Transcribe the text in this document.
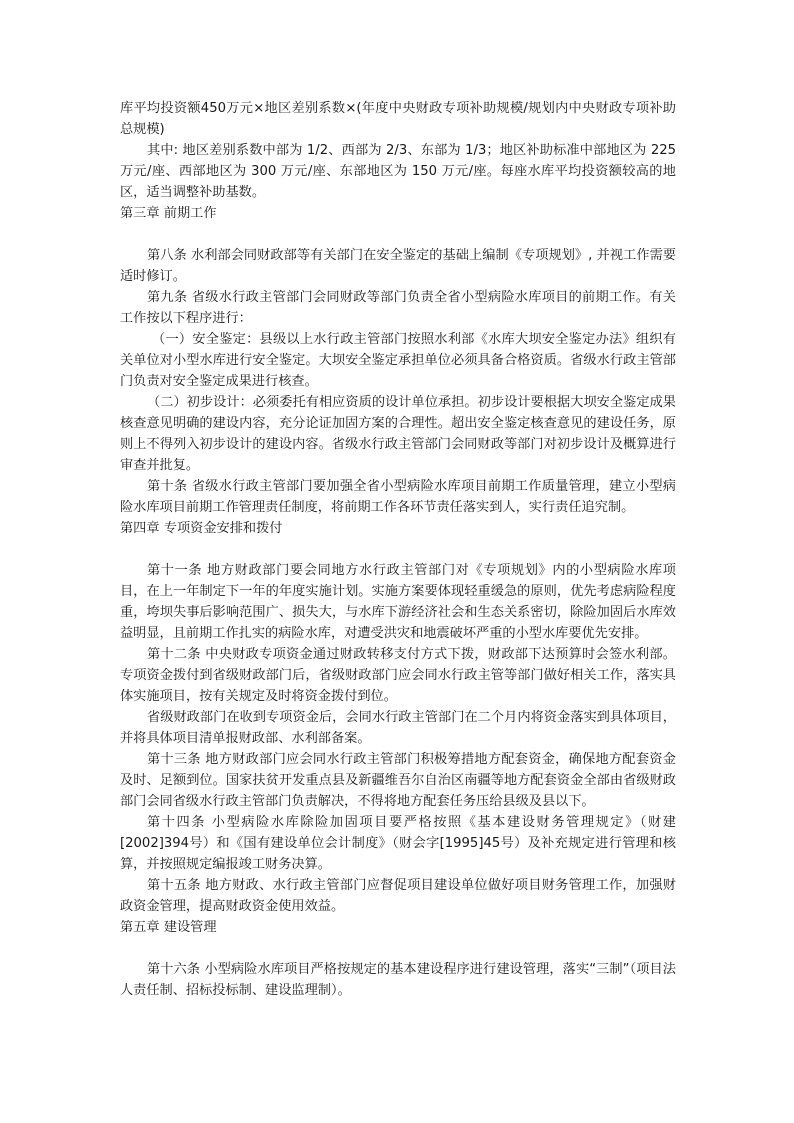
库平均投资额450万元×地区差别系数×(年度中央财政专项补助规模/规划内中央财政专项补助总规模)

其中: 地区差别系数中部为 1/2、西部为 2/3、东部为 1/3；地区补助标准中部地区为 225 万元/座、西部地区为 300 万元/座、东部地区为 150 万元/座。每座水库平均投资额较高的地区，适当调整补助基数。

第三章 前期工作

第八条 水利部会同财政部等有关部门在安全鉴定的基础上编制《专项规划》, 并视工作需要适时修订。

第九条 省级水行政主管部门会同财政等部门负责全省小型病险水库项目的前期工作。有关工作按以下程序进行：

（一）安全鉴定：县级以上水行政主管部门按照水利部《水库大坝安全鉴定办法》组织有关单位对小型水库进行安全鉴定。大坝安全鉴定承担单位必须具备合格资质。省级水行政主管部门负责对安全鉴定成果进行核查。

（二）初步设计：必须委托有相应资质的设计单位承担。初步设计要根据大坝安全鉴定成果核查意见明确的建设内容，充分论证加固方案的合理性。超出安全鉴定核查意见的建设任务，原则上不得列入初步设计的建设内容。省级水行政主管部门会同财政等部门对初步设计及概算进行审查并批复。

第十条 省级水行政主管部门要加强全省小型病险水库项目前期工作质量管理，建立小型病险水库项目前期工作管理责任制度，将前期工作各环节责任落实到人，实行责任追究制。

第四章 专项资金安排和拨付

第十一条 地方财政部门要会同地方水行政主管部门对《专项规划》内的小型病险水库项目，在上一年制定下一年的年度实施计划。实施方案要体现轻重缓急的原则，优先考虑病险程度重，垮坝失事后影响范围广、损失大，与水库下游经济社会和生态关系密切，除险加固后水库效益明显，且前期工作扎实的病险水库，对遭受洪灾和地震破坏严重的小型水库要优先安排。

第十二条 中央财政专项资金通过财政转移支付方式下拨，财政部下达预算时会签水利部。专项资金拨付到省级财政部门后，省级财政部门应会同水行政主管等部门做好相关工作，落实具体实施项目，按有关规定及时将资金拨付到位。

省级财政部门在收到专项资金后，会同水行政主管部门在二个月内将资金落实到具体项目，并将具体项目清单报财政部、水利部备案。

第十三条 地方财政部门应会同水行政主管部门积极筹措地方配套资金，确保地方配套资金及时、足额到位。国家扶贫开发重点县及新疆维吾尔自治区南疆等地方配套资金全部由省级财政部门会同省级水行政主管部门负责解决，不得将地方配套任务压给县级及县以下。

第十四条 小型病险水库除险加固项目要严格按照《基本建设财务管理规定》（财建[2002]394号）和《国有建设单位会计制度》（财会字[1995]45号）及补充规定进行管理和核算，并按照规定编报竣工财务决算。

第十五条 地方财政、水行政主管部门应督促项目建设单位做好项目财务管理工作，加强财政资金管理，提高财政资金使用效益。

第五章 建设管理

第十六条 小型病险水库项目严格按规定的基本建设程序进行建设管理，落实“三制”（项目法人责任制、招标投标制、建设监理制）。
